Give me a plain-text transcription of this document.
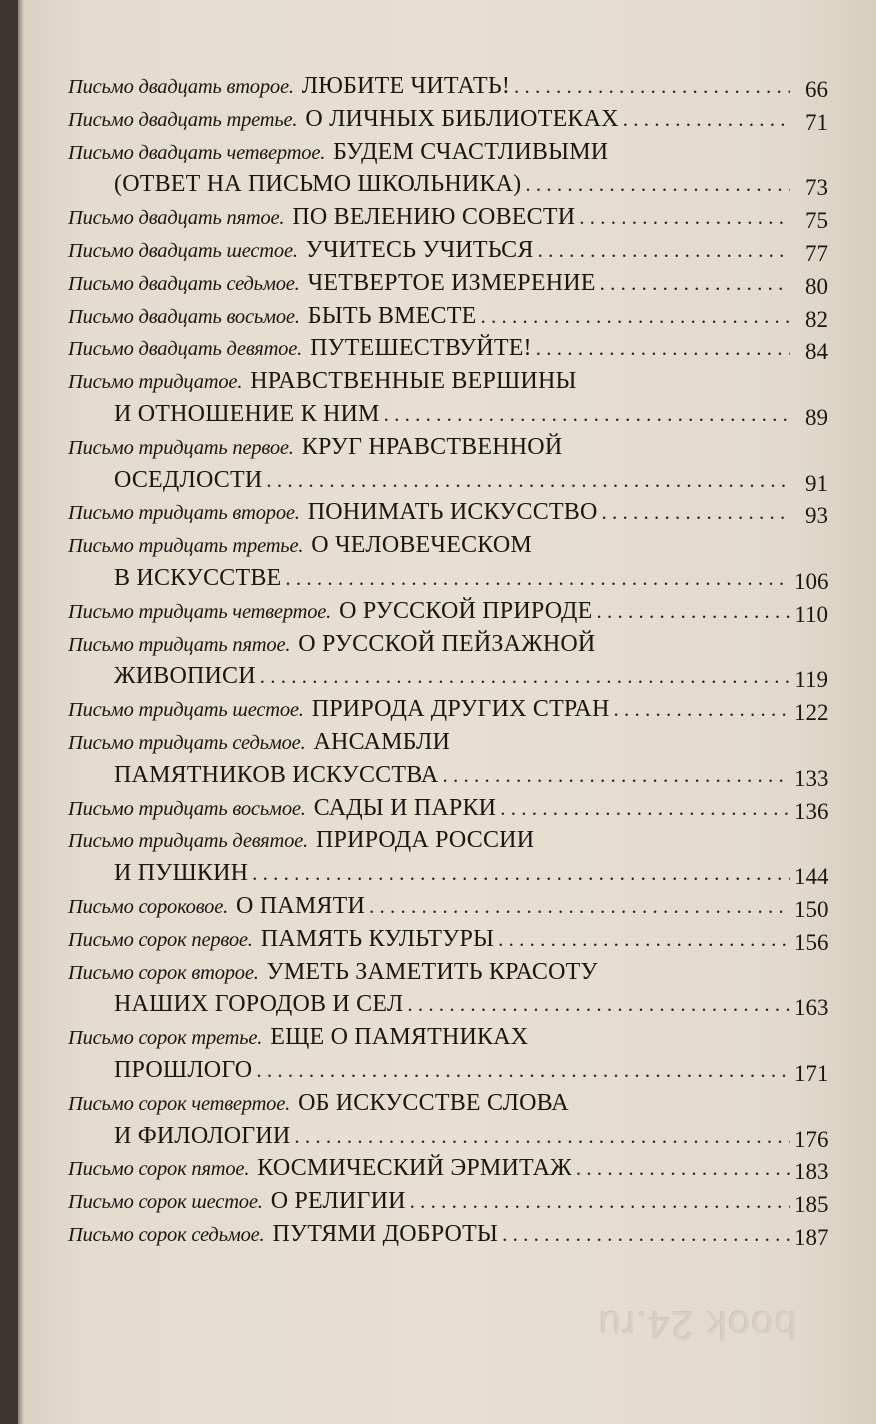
Письмо двадцать второе. ЛЮБИТЕ ЧИТАТЬ! . . .	66
Письмо двадцать третье. О ЛИЧНЫХ БИБЛИОТЕКАХ . . .	71
Письмо двадцать четвертое. БУДЕМ СЧАСТЛИВЫМИ
(ОТВЕТ НА ПИСЬМО ШКОЛЬНИКА) . . .	73
Письмо двадцать пятое. ПО ВЕЛЕНИЮ СОВЕСТИ . . .	75
Письмо двадцать шестое. УЧИТЕСЬ УЧИТЬСЯ . . .	77
Письмо двадцать седьмое. ЧЕТВЕРТОЕ ИЗМЕРЕНИЕ . . .	80
Письмо двадцать восьмое. БЫТЬ ВМЕСТЕ . . .	82
Письмо двадцать девятое. ПУТЕШЕСТВУЙТЕ! . . .	84
Письмо тридцатое. НРАВСТВЕННЫЕ ВЕРШИНЫ
И ОТНОШЕНИЕ К НИМ . . .	89
Письмо тридцать первое. КРУГ НРАВСТВЕННОЙ
ОСЕДЛОСТИ . . .	91
Письмо тридцать второе. ПОНИМАТЬ ИСКУССТВО . . .	93
Письмо тридцать третье. О ЧЕЛОВЕЧЕСКОМ
В ИСКУССТВЕ . . .	106
Письмо тридцать четвертое. О РУССКОЙ ПРИРОДЕ . . .	110
Письмо тридцать пятое. О РУССКОЙ ПЕЙЗАЖНОЙ
ЖИВОПИСИ . . .	119
Письмо тридцать шестое. ПРИРОДА ДРУГИХ СТРАН . . .	122
Письмо тридцать седьмое. АНСАМБЛИ
ПАМЯТНИКОВ ИСКУССТВА . . .	133
Письмо тридцать восьмое. САДЫ И ПАРКИ . . .	136
Письмо тридцать девятое. ПРИРОДА РОССИИ
И ПУШКИН . . .	144
Письмо сороковое. О ПАМЯТИ . . .	150
Письмо сорок первое. ПАМЯТЬ КУЛЬТУРЫ . . .	156
Письмо сорок второе. УМЕТЬ ЗАМЕТИТЬ КРАСОТУ
НАШИХ ГОРОДОВ И СЕЛ . . .	163
Письмо сорок третье. ЕЩЕ О ПАМЯТНИКАХ
ПРОШЛОГО . . .	171
Письмо сорок четвертое. ОБ ИСКУССТВЕ СЛОВА
И ФИЛОЛОГИИ . . .	176
Письмо сорок пятое. КОСМИЧЕСКИЙ ЭРМИТАЖ . . .	183
Письмо сорок шестое. О РЕЛИГИИ . . .	185
Письмо сорок седьмое. ПУТЯМИ ДОБРОТЫ . . .	187
book 24.ru
